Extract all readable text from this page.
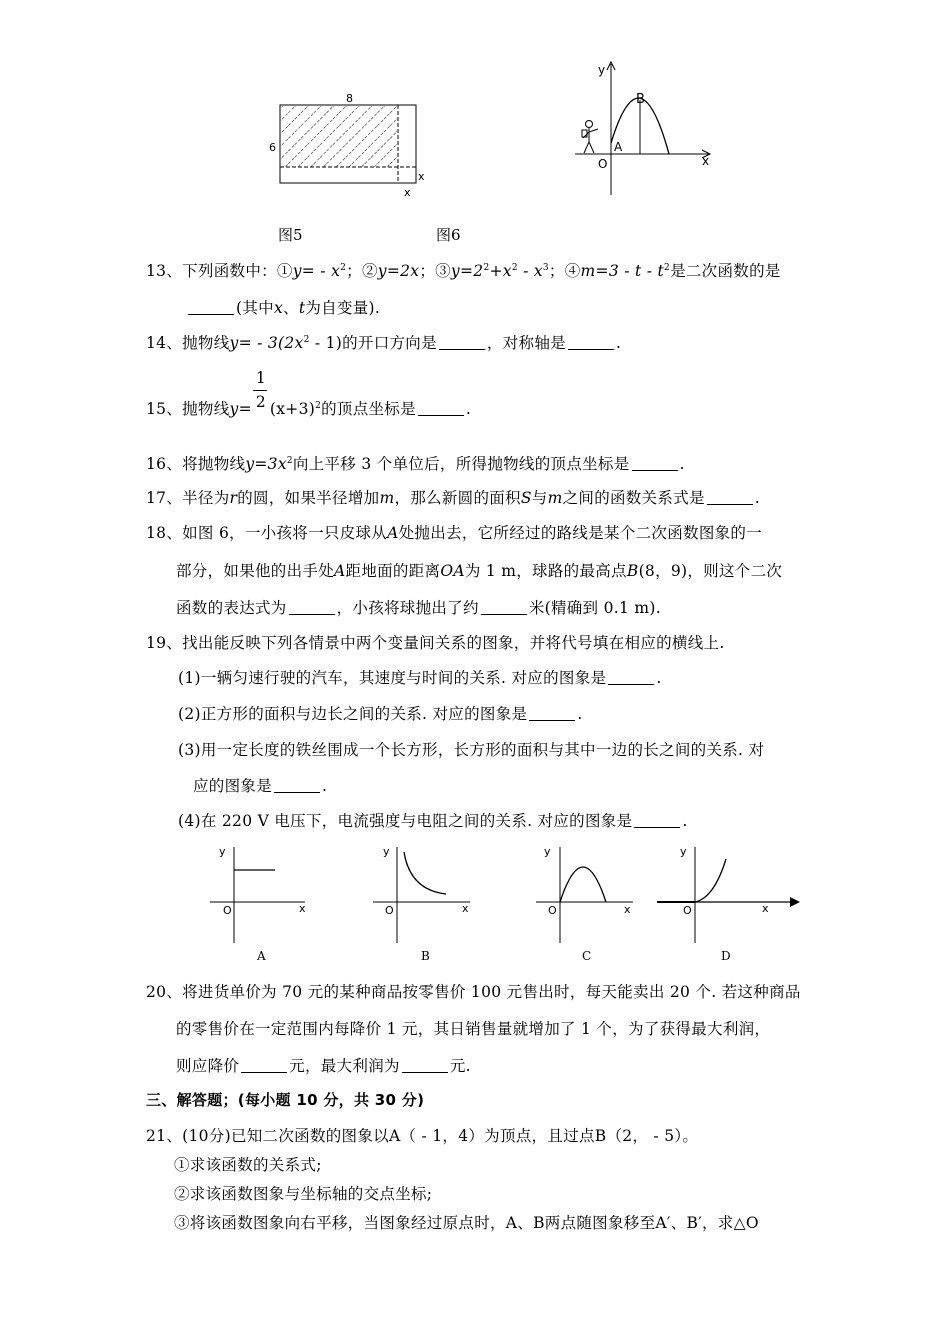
8
6
x
x
y
B
A
O	x
图5	图6
13、下列函数中：①y= - $x^2$；②y=2x；$③y=2^2+x^2 - x^3$；④m=3 - t - $t^2$是二次函数的是
(其中x、t为自变量).
14、抛物线$y= - 3(2x^2 - 1)$的开口方向是	，对称轴是	.
15、抛物线$y= \frac{1}{2} (x+3)^2$的顶点坐标是	.
16、将抛物线$y=3x^2$向上平移 3 个单位后，所得抛物线的顶点坐标是	.
17、半径为r的圆，如果半径增加m，那么新圆的面积S与m之间的函数关系式是	.
18、如图 6，一小孩将一只皮球从A处抛出去，它所经过的路线是某个二次函数图象的一
部分，如果他的出手处A距地面的距离OA为 1 m，球路的最高点B(8，9)，则这个二次
函数的表达式为	，小孩将球抛出了约	米(精确到 0.1 m).
19、找出能反映下列各情景中两个变量间关系的图象，并将代号填在相应的横线上.
(1)一辆匀速行驶的汽车，其速度与时间的关系. 对应的图象是	.
(2)正方形的面积与边长之间的关系. 对应的图象是	.
(3)用一定长度的铁丝围成一个长方形，长方形的面积与其中一边的长之间的关系. 对
应的图象是	.
(4)在 220 V 电压下，电流强度与电阻之间的关系. 对应的图象是	.
y
O	x
y
O	x
y
O	x
y
O	x
A	B	C	D
20、将进货单价为 70 元的某种商品按零售价 100 元售出时，每天能卖出 20 个. 若这种商品
的零售价在一定范围内每降价 1 元，其日销售量就增加了 1 个，为了获得最大利润，
则应降价	元，最大利润为	元.
三、解答题；(每小题 10 分，共 30 分)
21、(10分)已知二次函数的图象以A（ - 1，4）为顶点，且过点B（2， - 5）。
①求该函数的关系式;
②求该函数图象与坐标轴的交点坐标;
③将该函数图象向右平移，当图象经过原点时，A、B两点随图象移至A′、B′，求△O
